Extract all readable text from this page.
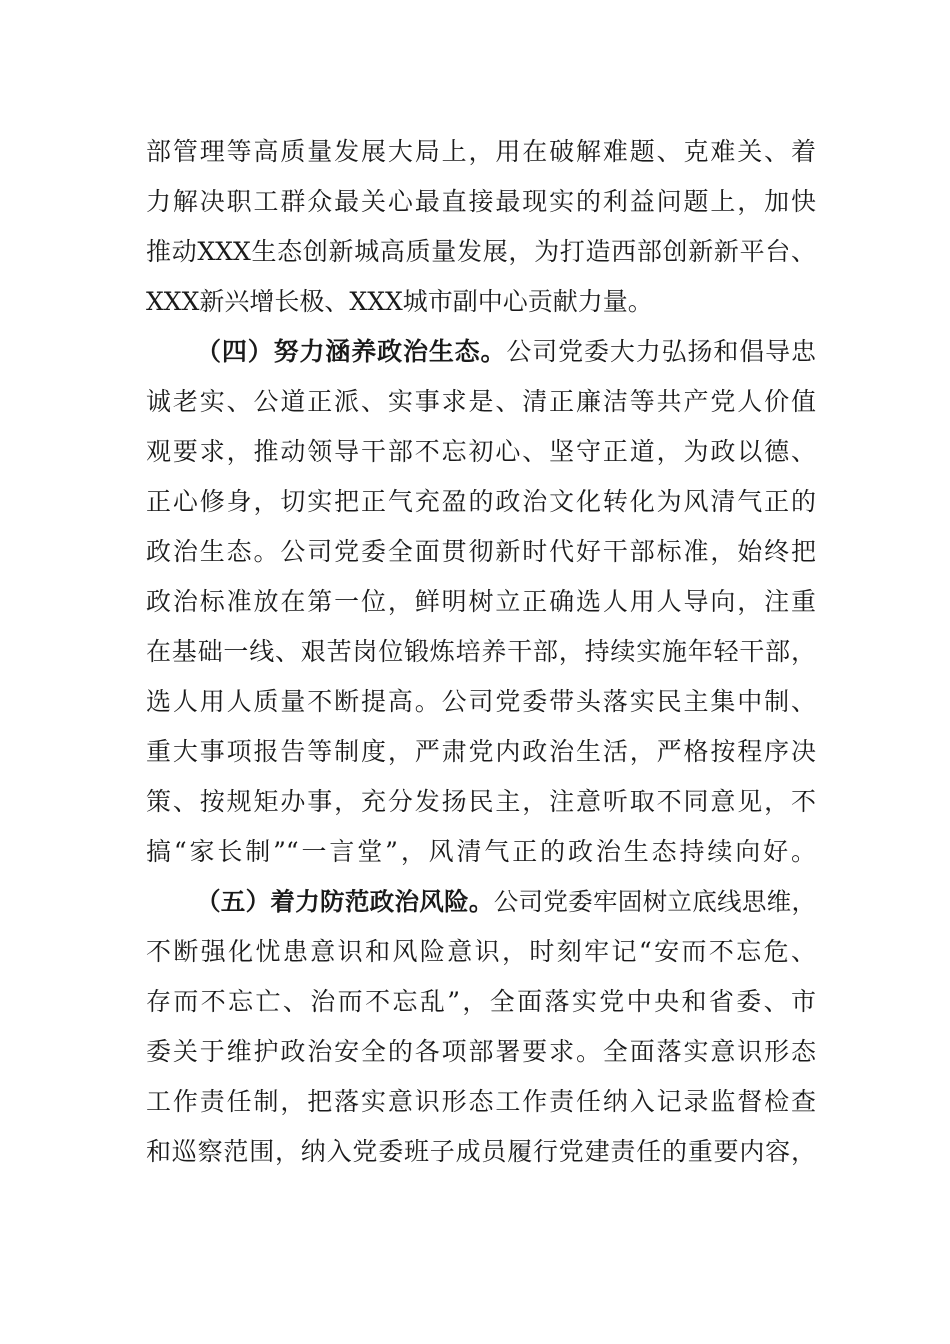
部管理等高质量发展大局上，用在破解难题、克难关、着
力解决职工群众最关心最直接最现实的利益问题上，加快
推动XXX生态创新城高质量发展，为打造西部创新新平台、
XXX新兴增长极、XXX城市副中心贡献力量。
（四）努力涵养政治生态。公司党委大力弘扬和倡导忠
诚老实、公道正派、实事求是、清正廉洁等共产党人价值
观要求，推动领导干部不忘初心、坚守正道，为政以德、
正心修身，切实把正气充盈的政治文化转化为风清气正的
政治生态。公司党委全面贯彻新时代好干部标准，始终把
政治标准放在第一位，鲜明树立正确选人用人导向，注重
在基础一线、艰苦岗位锻炼培养干部，持续实施年轻干部，
选人用人质量不断提高。公司党委带头落实民主集中制、
重大事项报告等制度，严肃党内政治生活，严格按程序决
策、按规矩办事，充分发扬民主，注意听取不同意见，不
搞“家长制”“一言堂”，风清气正的政治生态持续向好。
（五）着力防范政治风险。公司党委牢固树立底线思维，
不断强化忧患意识和风险意识，时刻牢记“安而不忘危、
存而不忘亡、治而不忘乱”，全面落实党中央和省委、市
委关于维护政治安全的各项部署要求。全面落实意识形态
工作责任制，把落实意识形态工作责任纳入记录监督检查
和巡察范围，纳入党委班子成员履行党建责任的重要内容，
